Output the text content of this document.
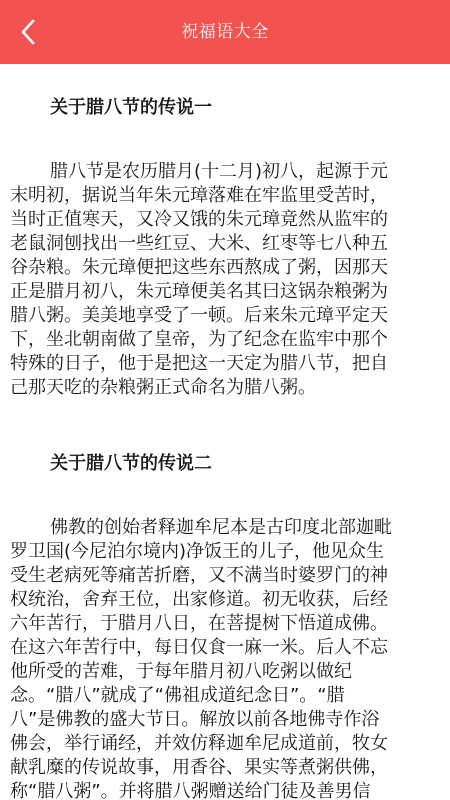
祝福语大全
关于腊八节的传说一
腊八节是农历腊月(十二月)初八，起源于元
末明初，据说当年朱元璋落难在牢监里受苦时，
当时正值寒天，又冷又饿的朱元璋竟然从监牢的
老鼠洞刨找出一些红豆、大米、红枣等七八种五
谷杂粮。朱元璋便把这些东西熬成了粥，因那天
正是腊月初八，朱元璋便美名其曰这锅杂粮粥为
腊八粥。美美地享受了一顿。后来朱元璋平定天
下，坐北朝南做了皇帝，为了纪念在监牢中那个
特殊的日子，他于是把这一天定为腊八节，把自
己那天吃的杂粮粥正式命名为腊八粥。
关于腊八节的传说二
佛教的创始者释迦牟尼本是古印度北部迦毗
罗卫国(今尼泊尔境内)净饭王的儿子，他见众生
受生老病死等痛苦折磨，又不满当时婆罗门的神
权统治，舍弃王位，出家修道。初无收获，后经
六年苦行，于腊月八日，在菩提树下悟道成佛。
在这六年苦行中，每日仅食一麻一米。后人不忘
他所受的苦难，于每年腊月初八吃粥以做纪
念。“腊八”就成了“佛祖成道纪念日”。“腊
八”是佛教的盛大节日。解放以前各地佛寺作浴
佛会，举行诵经，并效仿释迦牟尼成道前，牧女
献乳糜的传说故事，用香谷、果实等煮粥供佛，
称“腊八粥”。并将腊八粥赠送给门徒及善男信
